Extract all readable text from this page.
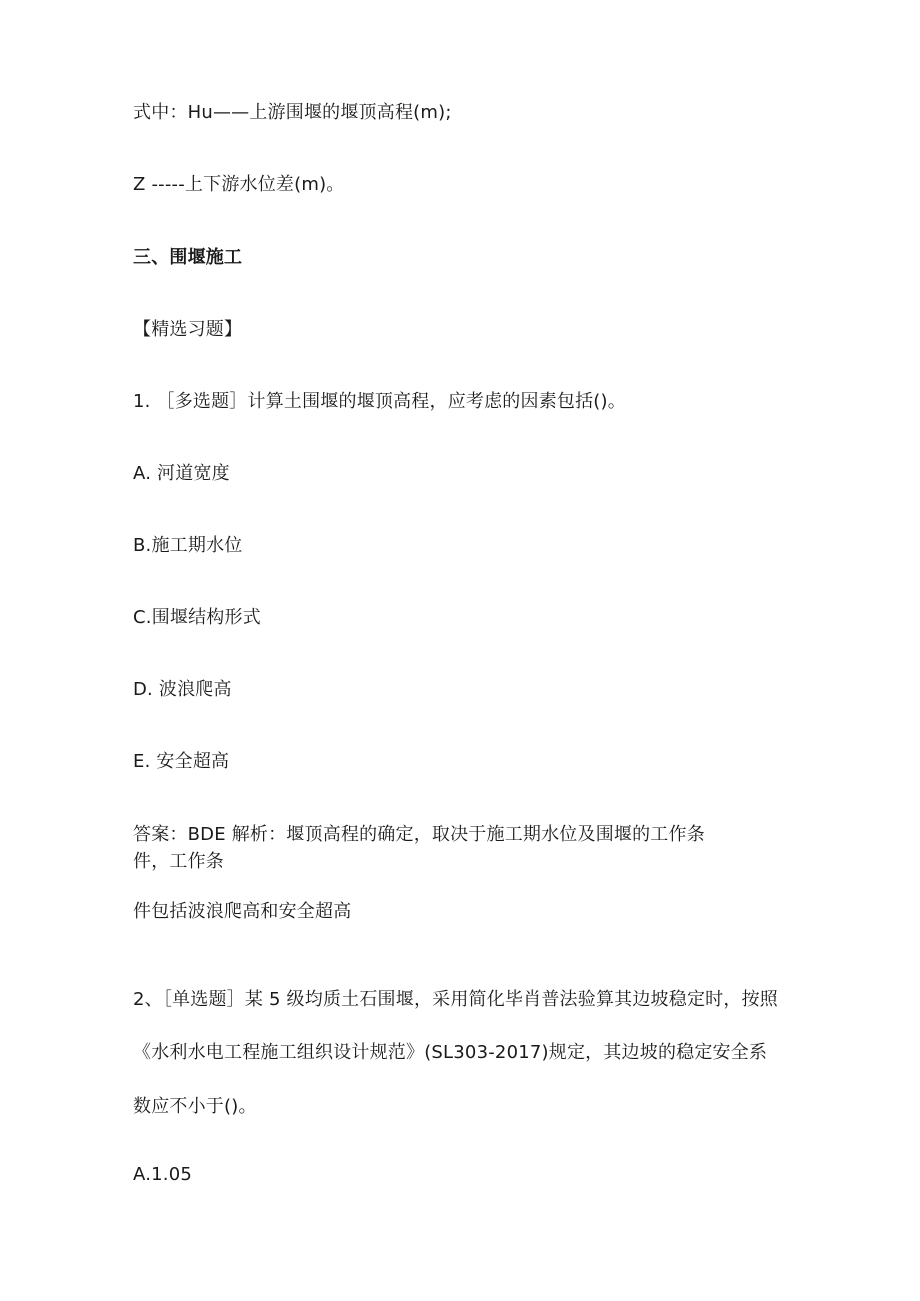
式中：Hu——上游围堰的堰顶高程(m);
Z -----上下游水位差(m)。
三、围堰施工
【精选习题】
1. ［多选题］计算土围堰的堰顶高程，应考虑的因素包括()。
A. 河道宽度
B.施工期水位
C.围堰结构形式
D. 波浪爬高
E. 安全超高
答案：BDE 解析：堰顶高程的确定，取决于施工期水位及围堰的工作条
件，工作条
件包括波浪爬高和安全超高
2、［单选题］某 5 级均质土石围堰，采用简化毕肖普法验算其边坡稳定时，按照
《水利水电工程施工组织设计规范》(SL303-2017)规定，其边坡的稳定安全系
数应不小于()。
A.1.05
